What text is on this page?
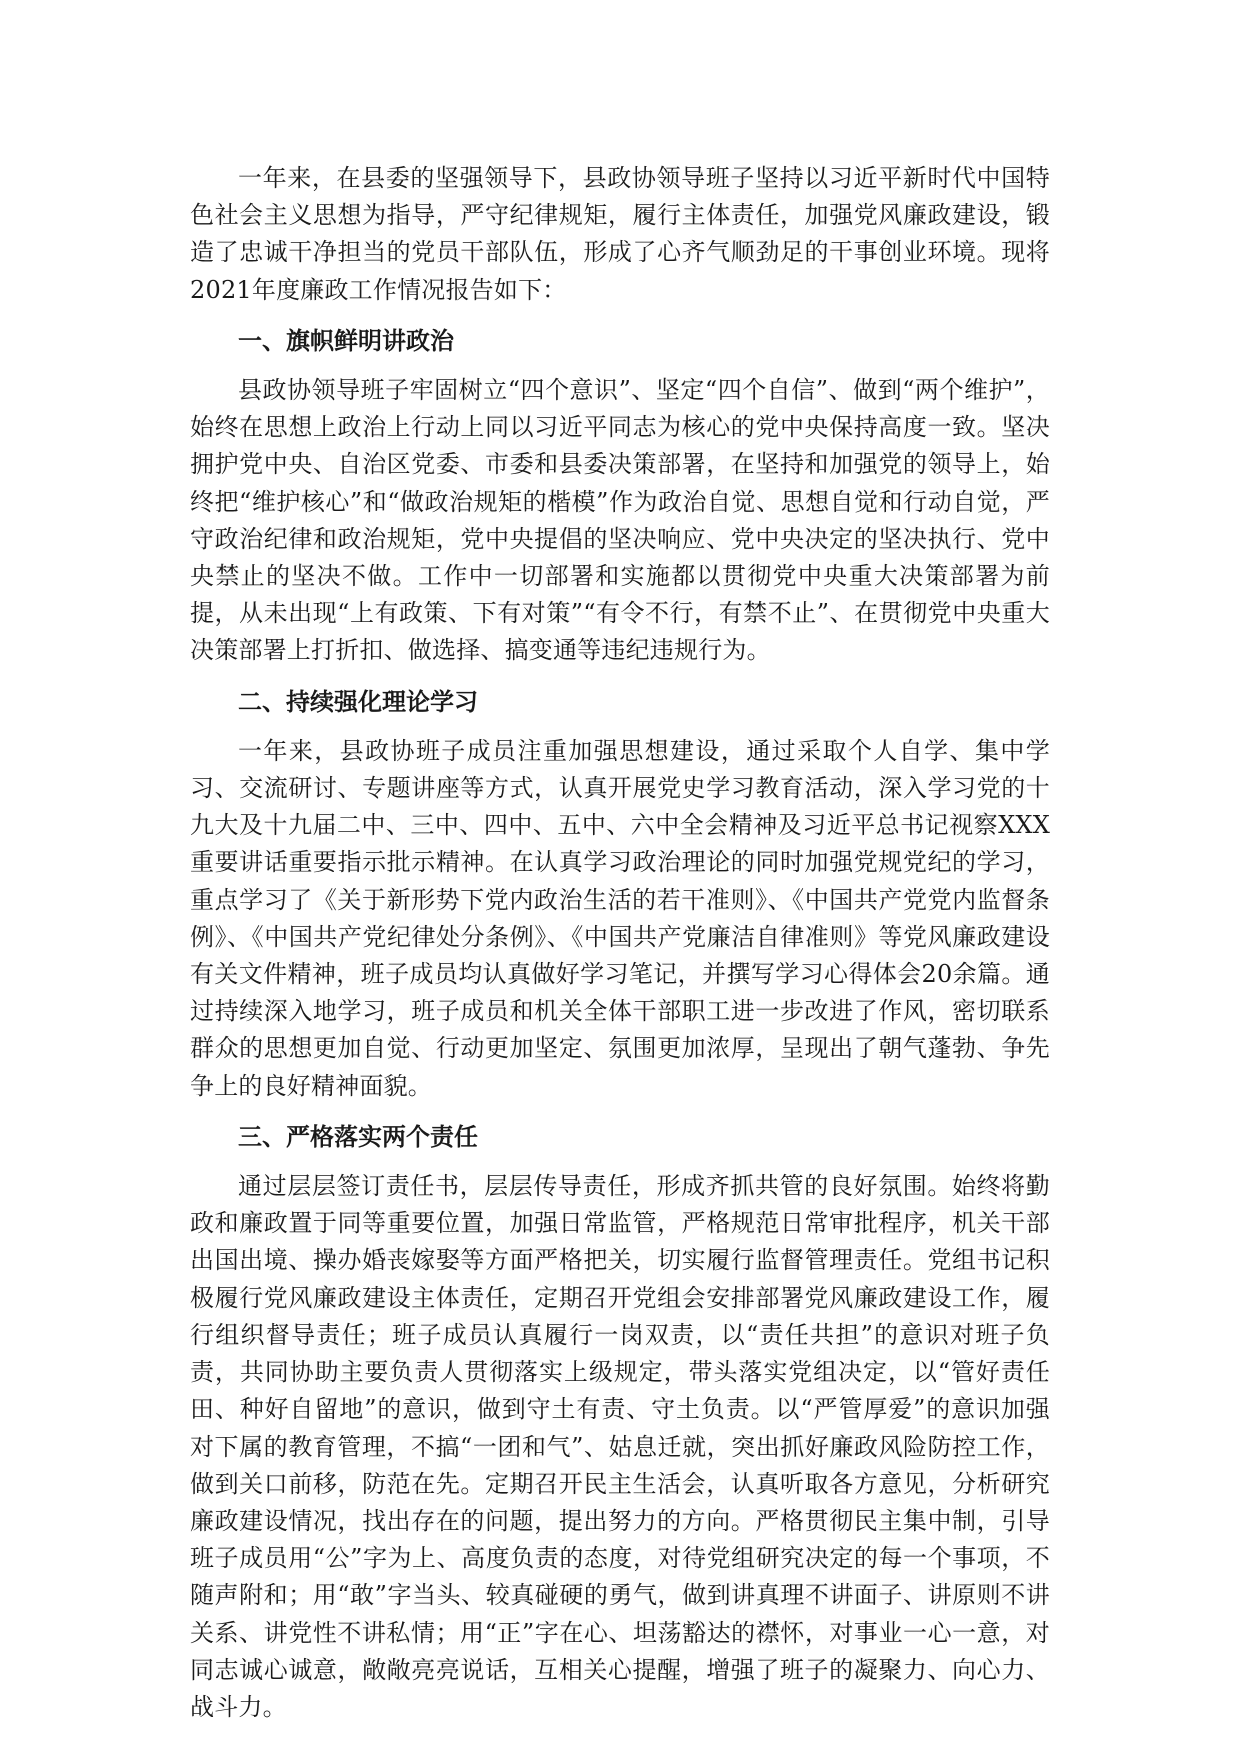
一年来，在县委的坚强领导下，县政协领导班子坚持以习近平新时代中国特色社会主义思想为指导，严守纪律规矩，履行主体责任，加强党风廉政建设，锻造了忠诚干净担当的党员干部队伍，形成了心齐气顺劲足的干事创业环境。现将2021年度廉政工作情况报告如下：

一、旗帜鲜明讲政治

县政协领导班子牢固树立“四个意识”、坚定“四个自信”、做到“两个维护”，始终在思想上政治上行动上同以习近平同志为核心的党中央保持高度一致。坚决拥护党中央、自治区党委、市委和县委决策部署，在坚持和加强党的领导上，始终把“维护核心”和“做政治规矩的楷模”作为政治自觉、思想自觉和行动自觉，严守政治纪律和政治规矩，党中央提倡的坚决响应、党中央决定的坚决执行、党中央禁止的坚决不做。工作中一切部署和实施都以贯彻党中央重大决策部署为前提，从未出现“上有政策、下有对策”“有令不行，有禁不止”、在贯彻党中央重大决策部署上打折扣、做选择、搞变通等违纪违规行为。

二、持续强化理论学习

一年来，县政协班子成员注重加强思想建设，通过采取个人自学、集中学习、交流研讨、专题讲座等方式，认真开展党史学习教育活动，深入学习党的十九大及十九届二中、三中、四中、五中、六中全会精神及习近平总书记视察XXX重要讲话重要指示批示精神。在认真学习政治理论的同时加强党规党纪的学习，重点学习了《关于新形势下党内政治生活的若干准则》、《中国共产党党内监督条例》、《中国共产党纪律处分条例》、《中国共产党廉洁自律准则》等党风廉政建设有关文件精神，班子成员均认真做好学习笔记，并撰写学习心得体会20余篇。通过持续深入地学习，班子成员和机关全体干部职工进一步改进了作风，密切联系群众的思想更加自觉、行动更加坚定、氛围更加浓厚，呈现出了朝气蓬勃、争先争上的良好精神面貌。

三、严格落实两个责任

通过层层签订责任书，层层传导责任，形成齐抓共管的良好氛围。始终将勤政和廉政置于同等重要位置，加强日常监管，严格规范日常审批程序，机关干部出国出境、操办婚丧嫁娶等方面严格把关，切实履行监督管理责任。党组书记积极履行党风廉政建设主体责任，定期召开党组会安排部署党风廉政建设工作，履行组织督导责任；班子成员认真履行一岗双责，以“责任共担”的意识对班子负责，共同协助主要负责人贯彻落实上级规定，带头落实党组决定，以“管好责任田、种好自留地”的意识，做到守土有责、守土负责。以“严管厚爱”的意识加强对下属的教育管理，不搞“一团和气”、姑息迁就，突出抓好廉政风险防控工作，做到关口前移，防范在先。定期召开民主生活会，认真听取各方意见，分析研究廉政建设情况，找出存在的问题，提出努力的方向。严格贯彻民主集中制，引导班子成员用“公”字为上、高度负责的态度，对待党组研究决定的每一个事项，不随声附和；用“敢”字当头、较真碰硬的勇气，做到讲真理不讲面子、讲原则不讲关系、讲党性不讲私情；用“正”字在心、坦荡豁达的襟怀，对事业一心一意，对同志诚心诚意，敞敞亮亮说话，互相关心提醒，增强了班子的凝聚力、向心力、战斗力。
